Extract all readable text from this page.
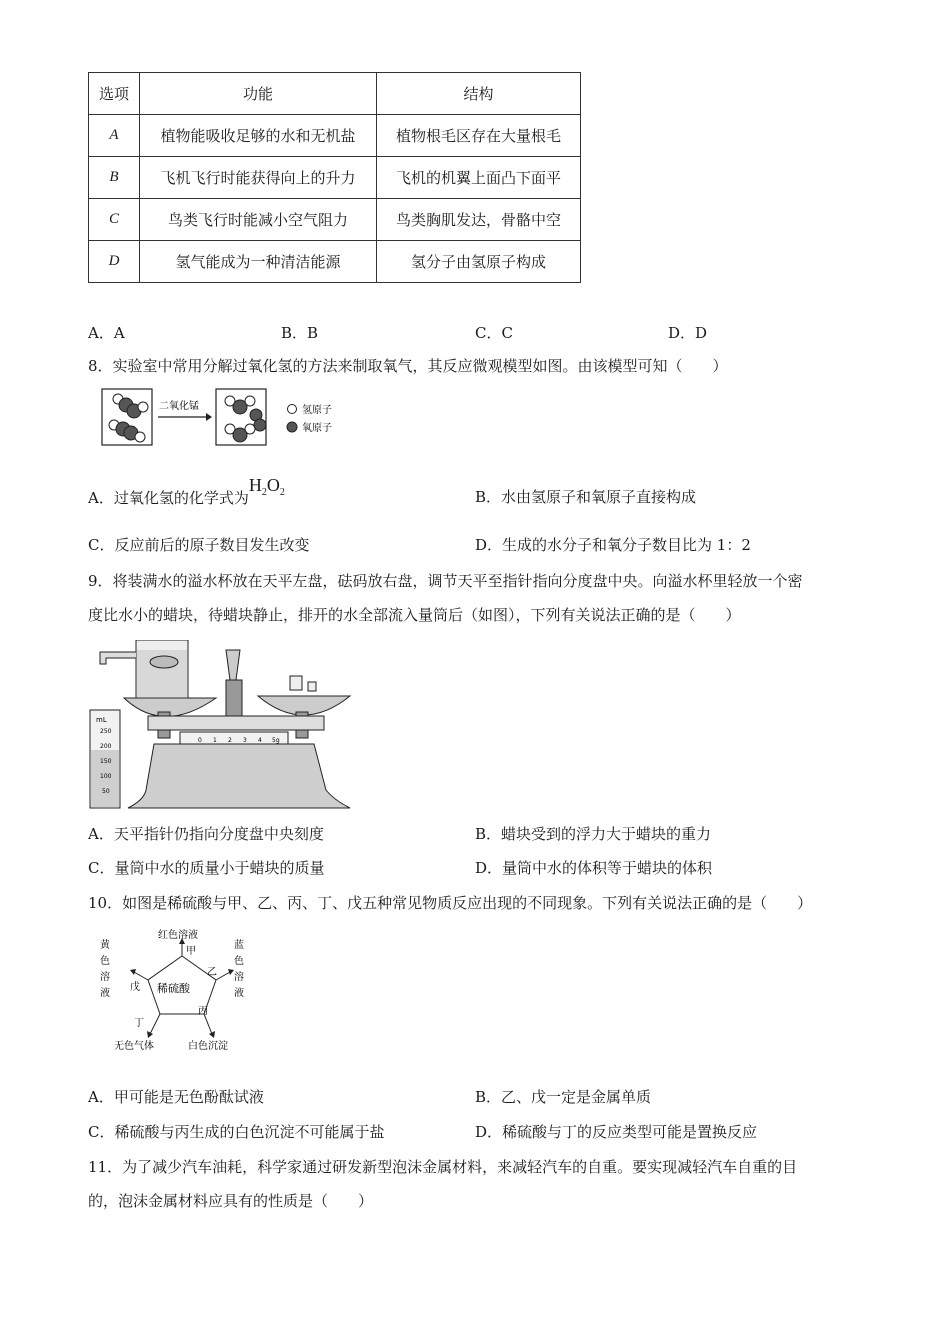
选项	功能	结构
A	植物能吸收足够的水和无机盐	植物根毛区存在大量根毛
B	飞机飞行时能获得向上的升力	飞机的机翼上面凸下面平
C	鸟类飞行时能减小空气阻力	鸟类胸肌发达，骨骼中空
D	氢气能成为一种清洁能源	氢分子由氢原子构成
A．A	B．B	C．C	D．D
8．实验室中常用分解过氧化氢的方法来制取氧气，其反应微观模型如图。由该模型可知（　　）
二氧化锰	氢原子
氧原子
A．过氧化氢的化学式为$H_2O_2$	B．水由氢原子和氧原子直接构成
C．反应前后的原子数目发生改变	D．生成的水分子和氧分子数目比为 1：2
9．将装满水的溢水杯放在天平左盘，砝码放右盘，调节天平至指针指向分度盘中央。向溢水杯里轻放一个密
度比水小的蜡块，待蜡块静止，排开的水全部流入量筒后（如图），下列有关说法正确的是（　　）
mL
250
200
150
100
50
0 1 2 3 4 5g
A．天平指针仍指向分度盘中央刻度	B．蜡块受到的浮力大于蜡块的重力
C．量筒中水的质量小于蜡块的质量	D．量筒中水的体积等于蜡块的体积
10．如图是稀硫酸与甲、乙、丙、丁、戊五种常见物质反应出现的不同现象。下列有关说法正确的是（　　）
稀硫酸
红色溶液
甲
乙
蓝
色
溶
液
戊
黄
色
溶
液
丁
无色气体
丙
白色沉淀
A．甲可能是无色酚酞试液	B．乙、戊一定是金属单质
C．稀硫酸与丙生成的白色沉淀不可能属于盐	D．稀硫酸与丁的反应类型可能是置换反应
11．为了减少汽车油耗，科学家通过研发新型泡沫金属材料，来减轻汽车的自重。要实现减轻汽车自重的目
的，泡沫金属材料应具有的性质是（　　）
